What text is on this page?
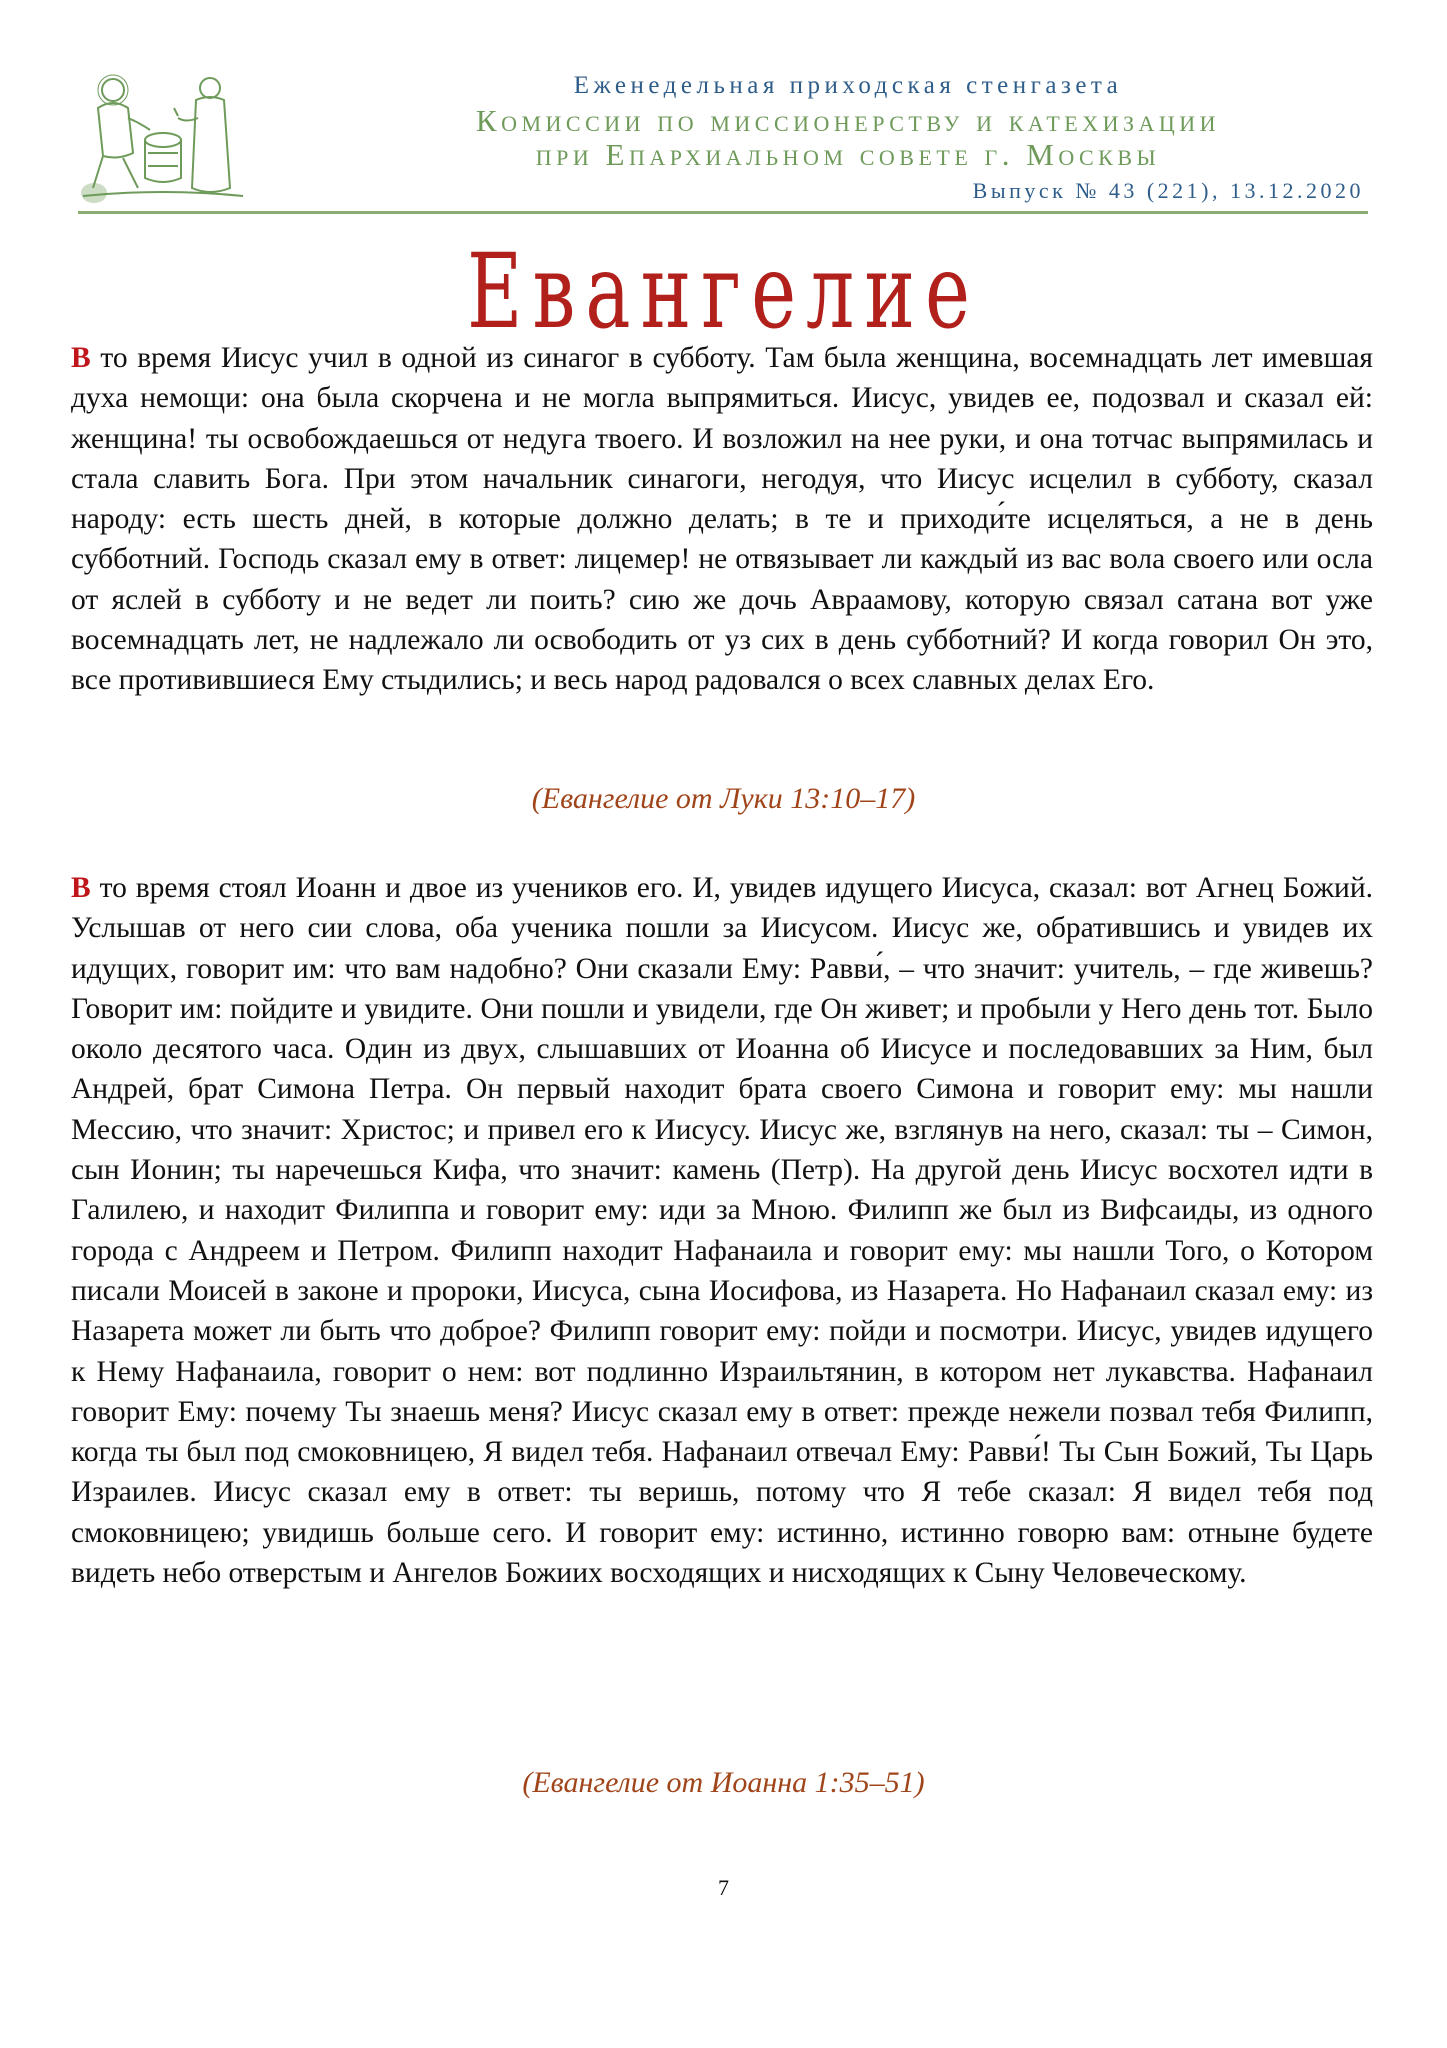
Еженедельная приходская стенгазета
Комиссии по миссионерству и катехизации
при Епархиальном совете г. Москвы
Выпуск № 43 (221), 13.12.2020
Евангелие
В то время Иисус учил в одной из синагог в субботу. Там была женщина, восемнадцать лет имевшая духа немощи: она была скорчена и не могла выпрямиться. Иисус, увидев ее, подозвал и сказал ей: женщина! ты освобождаешься от недуга твоего. И возложил на нее руки, и она тотчас выпрямилась и стала славить Бога. При этом начальник синагоги, негодуя, что Иисус исцелил в субботу, сказал народу: есть шесть дней, в которые должно делать; в те и приходи́те исцеляться, а не в день субботний. Господь сказал ему в ответ: лицемер! не отвязывает ли каждый из вас вола своего или осла от яслей в субботу и не ведет ли поить? сию же дочь Авраамову, которую связал сатана вот уже восемнадцать лет, не надлежало ли освободить от уз сих в день субботний? И когда говорил Он это, все противившиеся Ему стыдились; и весь народ радовался о всех славных делах Его.
(Евангелие от Луки 13:10–17)
В то время стоял Иоанн и двое из учеников его. И, увидев идущего Иисуса, сказал: вот Агнец Божий. Услышав от него сии слова, оба ученика пошли за Иисусом. Иисус же, обратившись и увидев их идущих, говорит им: что вам надобно? Они сказали Ему: Равви́, – что значит: учитель, – где живешь? Говорит им: пойдите и увидите. Они пошли и увидели, где Он живет; и пробыли у Него день тот. Было около десятого часа. Один из двух, слышавших от Иоанна об Иисусе и последовавших за Ним, был Андрей, брат Симона Петра. Он первый находит брата своего Симона и говорит ему: мы нашли Мессию, что значит: Христос; и привел его к Иисусу. Иисус же, взглянув на него, сказал: ты – Симон, сын Ионин; ты наречешься Кифа, что значит: камень (Петр). На другой день Иисус восхотел идти в Галилею, и находит Филиппа и говорит ему: иди за Мною. Филипп же был из Вифсаиды, из одного города с Андреем и Петром. Филипп находит Нафанаила и говорит ему: мы нашли Того, о Котором писали Моисей в законе и пророки, Иисуса, сына Иосифова, из Назарета. Но Нафанаил сказал ему: из Назарета может ли быть что доброе? Филипп говорит ему: пойди и посмотри. Иисус, увидев идущего к Нему Нафанаила, говорит о нем: вот подлинно Израильтянин, в котором нет лукавства. Нафанаил говорит Ему: почему Ты знаешь меня? Иисус сказал ему в ответ: прежде нежели позвал тебя Филипп, когда ты был под смоковницею, Я видел тебя. Нафанаил отвечал Ему: Равви́! Ты Сын Божий, Ты Царь Израилев. Иисус сказал ему в ответ: ты веришь, потому что Я тебе сказал: Я видел тебя под смоковницею; увидишь больше сего. И говорит ему: истинно, истинно говорю вам: отныне будете видеть небо отверстым и Ангелов Божиих восходящих и нисходящих к Сыну Человеческому.
(Евангелие от Иоанна 1:35–51)
7
